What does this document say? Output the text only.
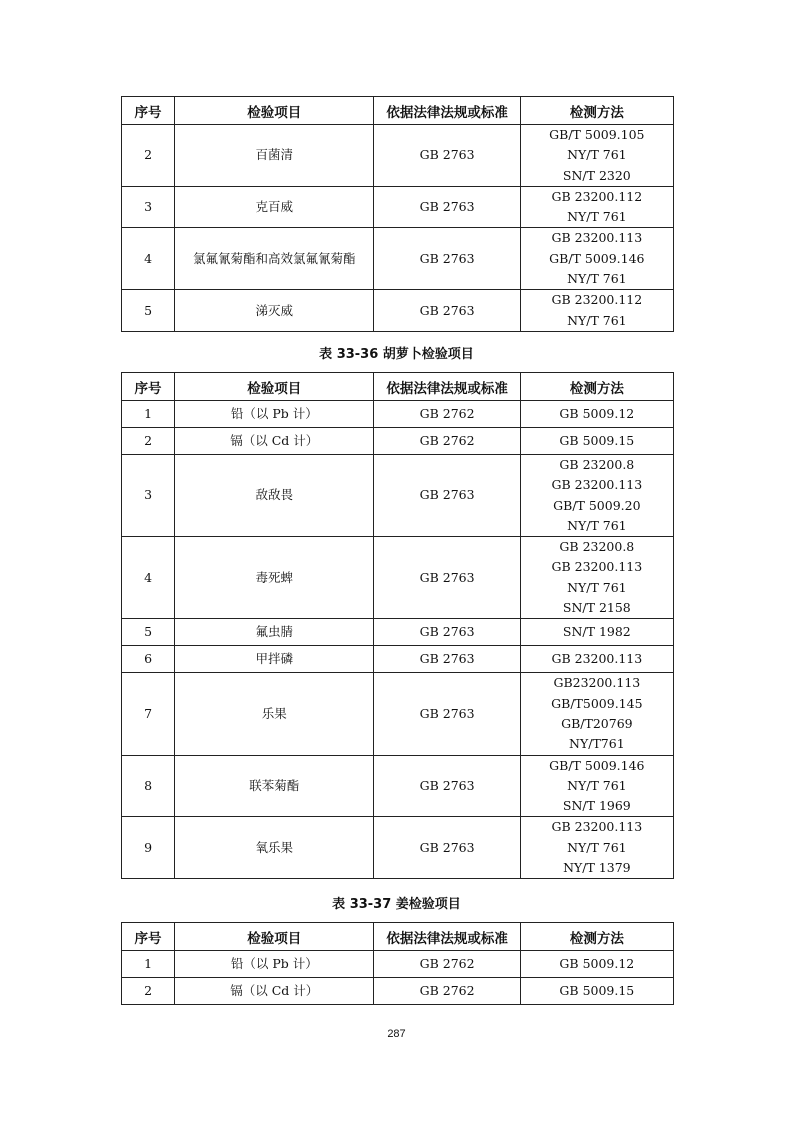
序号	检验项目	依据法律法规或标准	检测方法
2	百菌清	GB 2763	GB/T 5009.105
NY/T 761
SN/T 2320

3	克百威	GB 2763	GB 23200.112
NY/T 761

4	氯氟氰菊酯和高效氯氟氰菊酯	GB 2763	GB 23200.113
GB/T 5009.146
NY/T 761

5	涕灭威	GB 2763	GB 23200.112
NY/T 761
表 33-36 胡萝卜检验项目
序号	检验项目	依据法律法规或标准	检测方法
1	铅（以 Pb 计）	GB 2762	GB 5009.12

2	镉（以 Cd 计）	GB 2762	GB 5009.15

3	敌敌畏	GB 2763	GB 23200.8
GB 23200.113
GB/T 5009.20
NY/T 761

4	毒死蜱	GB 2763	GB 23200.8
GB 23200.113
NY/T 761
SN/T 2158

5	氟虫腈	GB 2763	SN/T 1982

6	甲拌磷	GB 2763	GB 23200.113

7	乐果	GB 2763	GB23200.113
GB/T5009.145
GB/T20769
NY/T761

8	联苯菊酯	GB 2763	GB/T 5009.146
NY/T 761
SN/T 1969

9	氧乐果	GB 2763	GB 23200.113
NY/T 761
NY/T 1379
表 33-37 姜检验项目
序号	检验项目	依据法律法规或标准	检测方法
1	铅（以 Pb 计）	GB 2762	GB 5009.12

2	镉（以 Cd 计）	GB 2762	GB 5009.15
287
